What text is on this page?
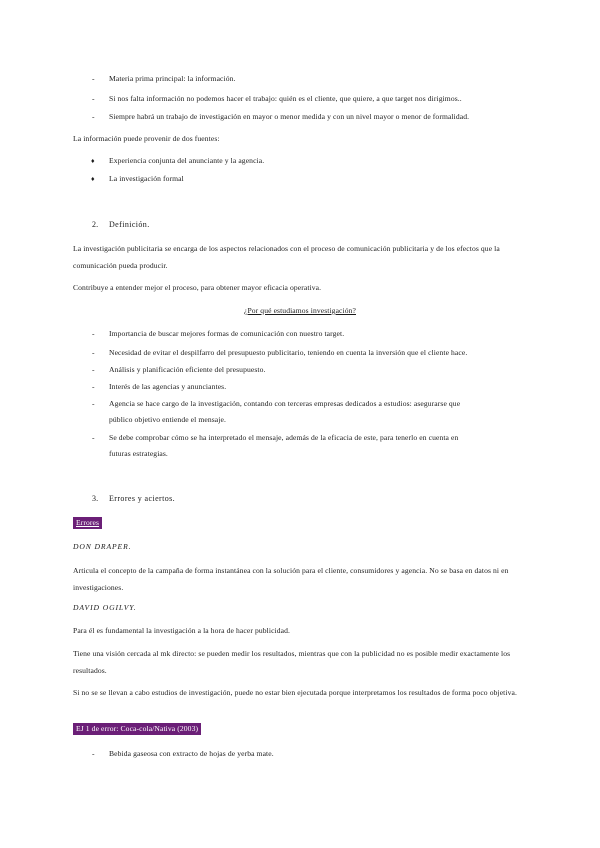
- Materia prima principal: la información.
- Si nos falta información no podemos hacer el trabajo: quién es el cliente, que quiere, a que target nos dirigimos..
- Siempre habrá un trabajo de investigación en mayor o menor medida y con un nivel mayor o menor de formalidad.
La información puede provenir de dos fuentes:
♦ Experiencia conjunta del anunciante y la agencia.
♦ La investigación formal
2. Definición.
La investigación publicitaria se encarga de los aspectos relacionados con el proceso de comunicación publicitaria y de los efectos que la comunicación pueda producir.
Contribuye a entender mejor el proceso, para obtener mayor eficacia operativa.
¿Por qué estudiamos investigación?
- Importancia de buscar mejores formas de comunicación con nuestro target.
- Necesidad de evitar el despilfarro del presupuesto publicitario, teniendo en cuenta la inversión que el cliente hace.
- Análisis y planificación eficiente del presupuesto.
- Interés de las agencias y anunciantes.
- Agencia se hace cargo de la investigación, contando con terceras empresas dedicados a estudios: asegurarse que
público objetivo entiende el mensaje.
- Se debe comprobar cómo se ha interpretado el mensaje, además de la eficacia de este, para tenerlo en cuenta en
futuras estrategias.
3. Errores y aciertos.
Errores
DON DRAPER.
Articula el concepto de la campaña de forma instantánea con la solución para el cliente, consumidores y agencia. No se basa en datos ni en investigaciones.
DAVID OGILVY.
Para él es fundamental la investigación a la hora de hacer publicidad.
Tiene una visión cercada al mk directo: se pueden medir los resultados, mientras que con la publicidad no es posible medir exactamente los resultados.
Si no se se llevan a cabo estudios de investigación, puede no estar bien ejecutada porque interpretamos los resultados de forma poco objetiva.
EJ 1 de error: Coca-cola/Nativa (2003)
- Bebida gaseosa con extracto de hojas de yerba mate.
